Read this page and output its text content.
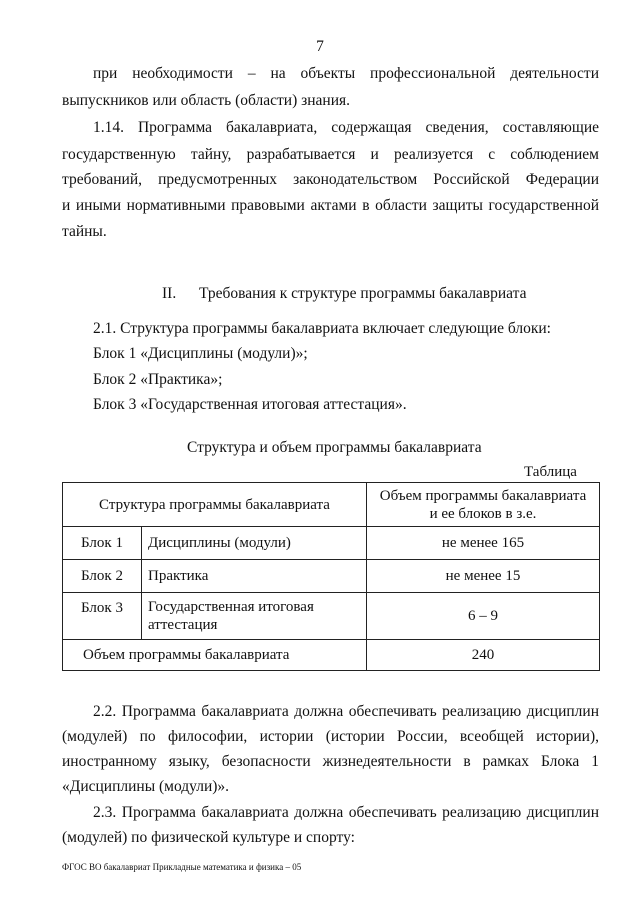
7
при необходимости – на объекты профессиональной деятельности
выпускников или область (области) знания.
1.14. Программа бакалавриата, содержащая сведения, составляющие
государственную тайну, разрабатывается и реализуется с соблюдением
требований, предусмотренных законодательством Российской Федерации
и иными нормативными правовыми актами в области защиты государственной
тайны.
II. Требования к структуре программы бакалавриата
2.1. Структура программы бакалавриата включает следующие блоки:
Блок 1 «Дисциплины (модули)»;
Блок 2 «Практика»;
Блок 3 «Государственная итоговая аттестация».
Структура и объем программы бакалавриата
Таблица
Структура программы бакалавриата		Объем программы бакалавриата
и ее блоков в з.е.

Блок 1	Дисциплины (модули)	не менее 165
Блок 2	Практика	не менее 15
Блок 3	Государственная итоговая
аттестация	6 – 9
Объем программы бакалавриата		240
2.2. Программа бакалавриата должна обеспечивать реализацию дисциплин
(модулей) по философии, истории (истории России, всеобщей истории),
иностранному языку, безопасности жизнедеятельности в рамках Блока 1
«Дисциплины (модули)».
2.3. Программа бакалавриата должна обеспечивать реализацию дисциплин
(модулей) по физической культуре и спорту:
ФГОС ВО бакалавриат Прикладные математика и физика – 05
